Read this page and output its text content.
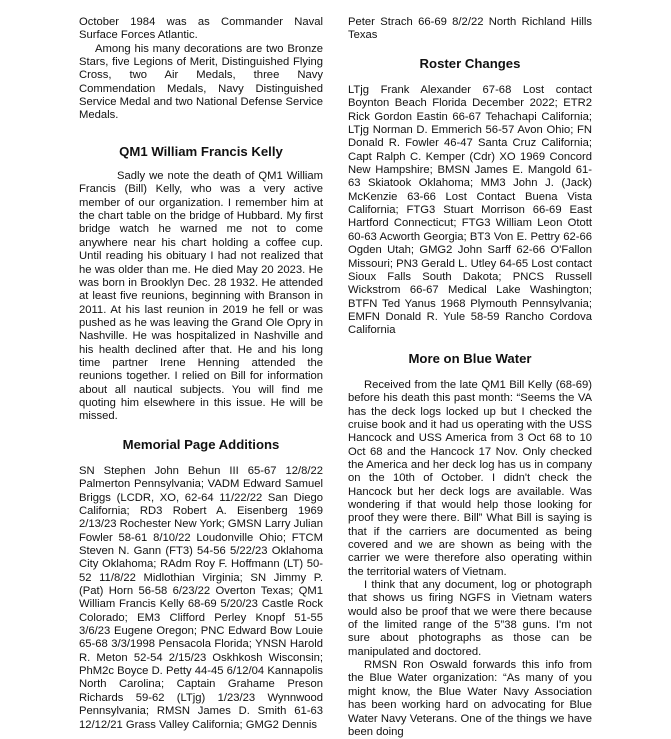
October 1984 was as Commander Naval Surface Forces Atlantic.

Among his many decorations are two Bronze Stars, five Legions of Merit, Distinguished Flying Cross, two Air Medals, three Navy Commendation Medals, Navy Distinguished Service Medal and two National Defense Service Medals.

QM1 William Francis Kelly

Sadly we note the death of QM1 William Francis (Bill) Kelly, who was a very active member of our organization. I remember him at the chart table on the bridge of Hubbard. My first bridge watch he warned me not to come anywhere near his chart holding a coffee cup. Until reading his obituary I had not realized that he was older than me. He died May 20 2023. He was born in Brooklyn Dec. 28 1932. He attended at least five reunions, beginning with Branson in 2011. At his last reunion in 2019 he fell or was pushed as he was leaving the Grand Ole Opry in Nashville. He was hospitalized in Nashville and his health declined after that. He and his long time partner Irene Henning attended the reunions together. I relied on Bill for information about all nautical subjects. You will find me quoting him elsewhere in this issue. He will be missed.

Memorial Page Additions

SN Stephen John Behun III 65-67 12/8/22 Palmerton Pennsylvania; VADM Edward Samuel Briggs (LCDR, XO, 62-64 11/22/22 San Diego California; RD3 Robert A. Eisenberg 1969 2/13/23 Rochester New York; GMSN Larry Julian Fowler 58-61 8/10/22 Loudonville Ohio; FTCM Steven N. Gann (FT3) 54-56 5/22/23 Oklahoma City Oklahoma; RAdm Roy F. Hoffmann (LT) 50-52 11/8/22 Midlothian Virginia; SN Jimmy P. (Pat) Horn 56-58 6/23/22 Overton Texas; QM1 William Francis Kelly 68-69 5/20/23 Castle Rock Colorado; EM3 Clifford Perley Knopf 51-55 3/6/23 Eugene Oregon; PNC Edward Bow Louie 65-68 3/3/1998 Pensacola Florida; YNSN Harold R. Meton 52-54 2/15/23 Oskhkosh Wisconsin; PhM2c Boyce D. Petty 44-45 6/12/04 Kannapolis North Carolina; Captain Grahame Preson Richards 59-62 (LTjg) 1/23/23 Wynnwood Pennsylvania; RMSN James D. Smith 61-63 12/12/21 Grass Valley California; GMG2 Dennis

Peter Strach 66-69 8/2/22 North Richland Hills Texas

Roster Changes

LTjg Frank Alexander 67-68 Lost contact Boynton Beach Florida December 2022; ETR2 Rick Gordon Eastin 66-67 Tehachapi California; LTjg Norman D. Emmerich 56-57 Avon Ohio; FN Donald R. Fowler 46-47 Santa Cruz California; Capt Ralph C. Kemper (Cdr) XO 1969 Concord New Hampshire; BMSN James E. Mangold 61-63 Skiatook Oklahoma; MM3 John J. (Jack) McKenzie 63-66 Lost Contact Buena Vista California; FTG3 Stuart Morrison 66-69 East Hartford Connecticut; FTG3 William Leon Otott 60-63 Acworth Georgia; BT3 Von E. Pettry 62-66 Ogden Utah; GMG2 John Sarff 62-66 O'Fallon Missouri; PN3 Gerald L. Utley 64-65 Lost contact Sioux Falls South Dakota; PNCS Russell Wickstrom 66-67 Medical Lake Washington; BTFN Ted Yanus 1968 Plymouth Pennsylvania; EMFN Donald R. Yule 58-59 Rancho Cordova California

More on Blue Water

Received from the late QM1 Bill Kelly (68-69) before his death this past month: “Seems the VA has the deck logs locked up but I checked the cruise book and it had us operating with the USS Hancock and USS America from 3 Oct 68 to 10 Oct 68 and the Hancock 17 Nov. Only checked the America and her deck log has us in company on the 10th of October. I didn't check the Hancock but her deck logs are available. Was wondering if that would help those looking for proof they were there. Bill” What Bill is saying is that if the carriers are documented as being covered and we are shown as being with the carrier we were therefore also operating within the territorial waters of Vietnam.

I think that any document, log or photograph that shows us firing NGFS in Vietnam waters would also be proof that we were there because of the limited range of the 5”38 guns. I'm not sure about photographs as those can be manipulated and doctored.

RMSN Ron Oswald forwards this info from the Blue Water organization: “As many of you might know, the Blue Water Navy Association has been working hard on advocating for Blue Water Navy Veterans. One of the things we have been doing
